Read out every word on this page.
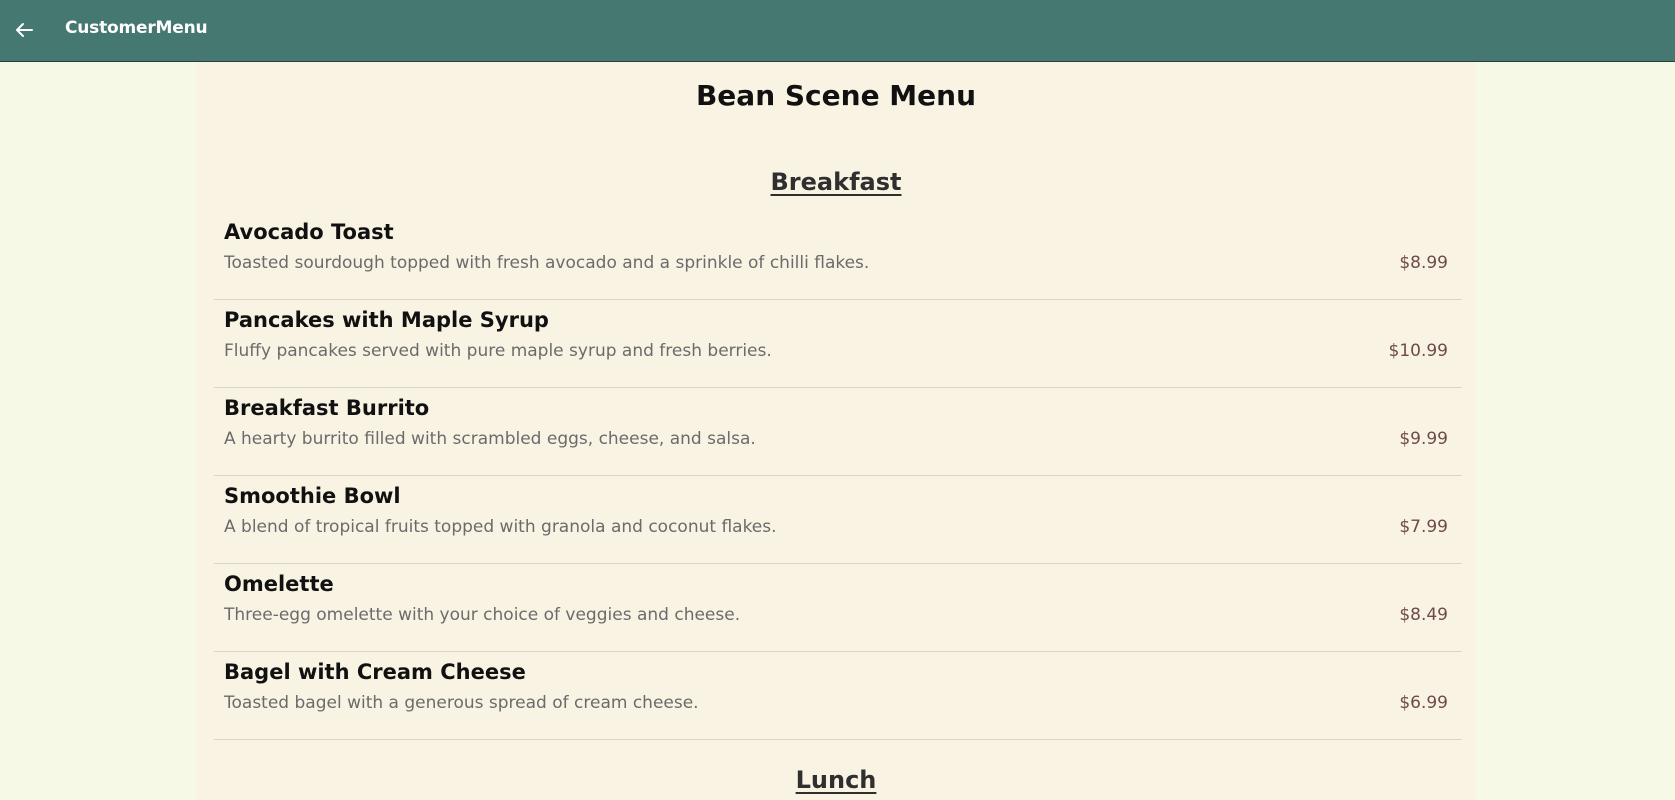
CustomerMenu
Bean Scene Menu
Breakfast
Avocado Toast
Toasted sourdough topped with fresh avocado and a sprinkle of chilli flakes.	$8.99
Pancakes with Maple Syrup
Fluffy pancakes served with pure maple syrup and fresh berries.	$10.99
Breakfast Burrito
A hearty burrito filled with scrambled eggs, cheese, and salsa.	$9.99
Smoothie Bowl
A blend of tropical fruits topped with granola and coconut flakes.	$7.99
Omelette
Three-egg omelette with your choice of veggies and cheese.	$8.49
Bagel with Cream Cheese
Toasted bagel with a generous spread of cream cheese.	$6.99
Lunch
